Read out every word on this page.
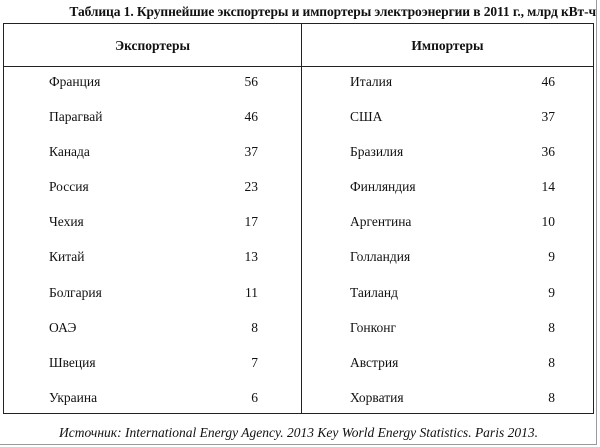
Таблица 1. Крупнейшие экспортеры и импортеры электроэнергии в 2011 г., млрд кВт-ч
Экспортеры	Импортеры
Франция	56	Италия	46
Парагвай	46	США	37
Канада	37	Бразилия	36
Россия	23	Финляндия	14
Чехия	17	Аргентина	10
Китай	13	Голландия	9
Болгария	11	Таиланд	9
ОАЭ	8	Гонконг	8
Швеция	7	Австрия	8
Украина	6	Хорватия	8
Источник: International Energy Agency. 2013 Key World Energy Statistics. Paris 2013.
